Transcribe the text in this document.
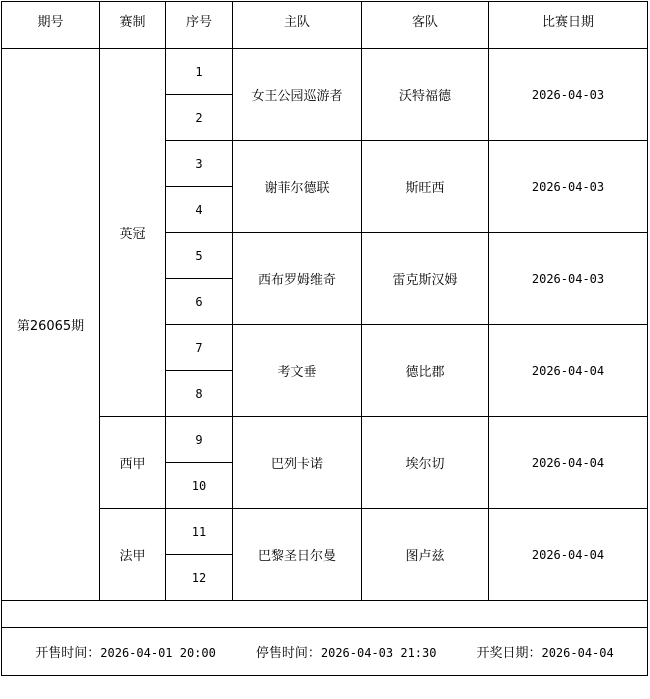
期号	赛制	序号	主队	客队	比赛日期
第26065期	英冠	1	女王公园巡游者	沃特福德	2026-04-03
		2			
		3	谢菲尔德联	斯旺西	2026-04-03
		4			
		5	西布罗姆维奇	雷克斯汉姆	2026-04-03
		6			
		7	考文垂	德比郡	2026-04-04
		8			
	西甲	9	巴列卡诺	埃尔切	2026-04-04
		10			
	法甲	11	巴黎圣日尔曼	图卢兹	2026-04-04
		12			

开售时间：2026-04-01 20:00 停售时间：2026-04-03 21:30 开奖日期：2026-04-04					
